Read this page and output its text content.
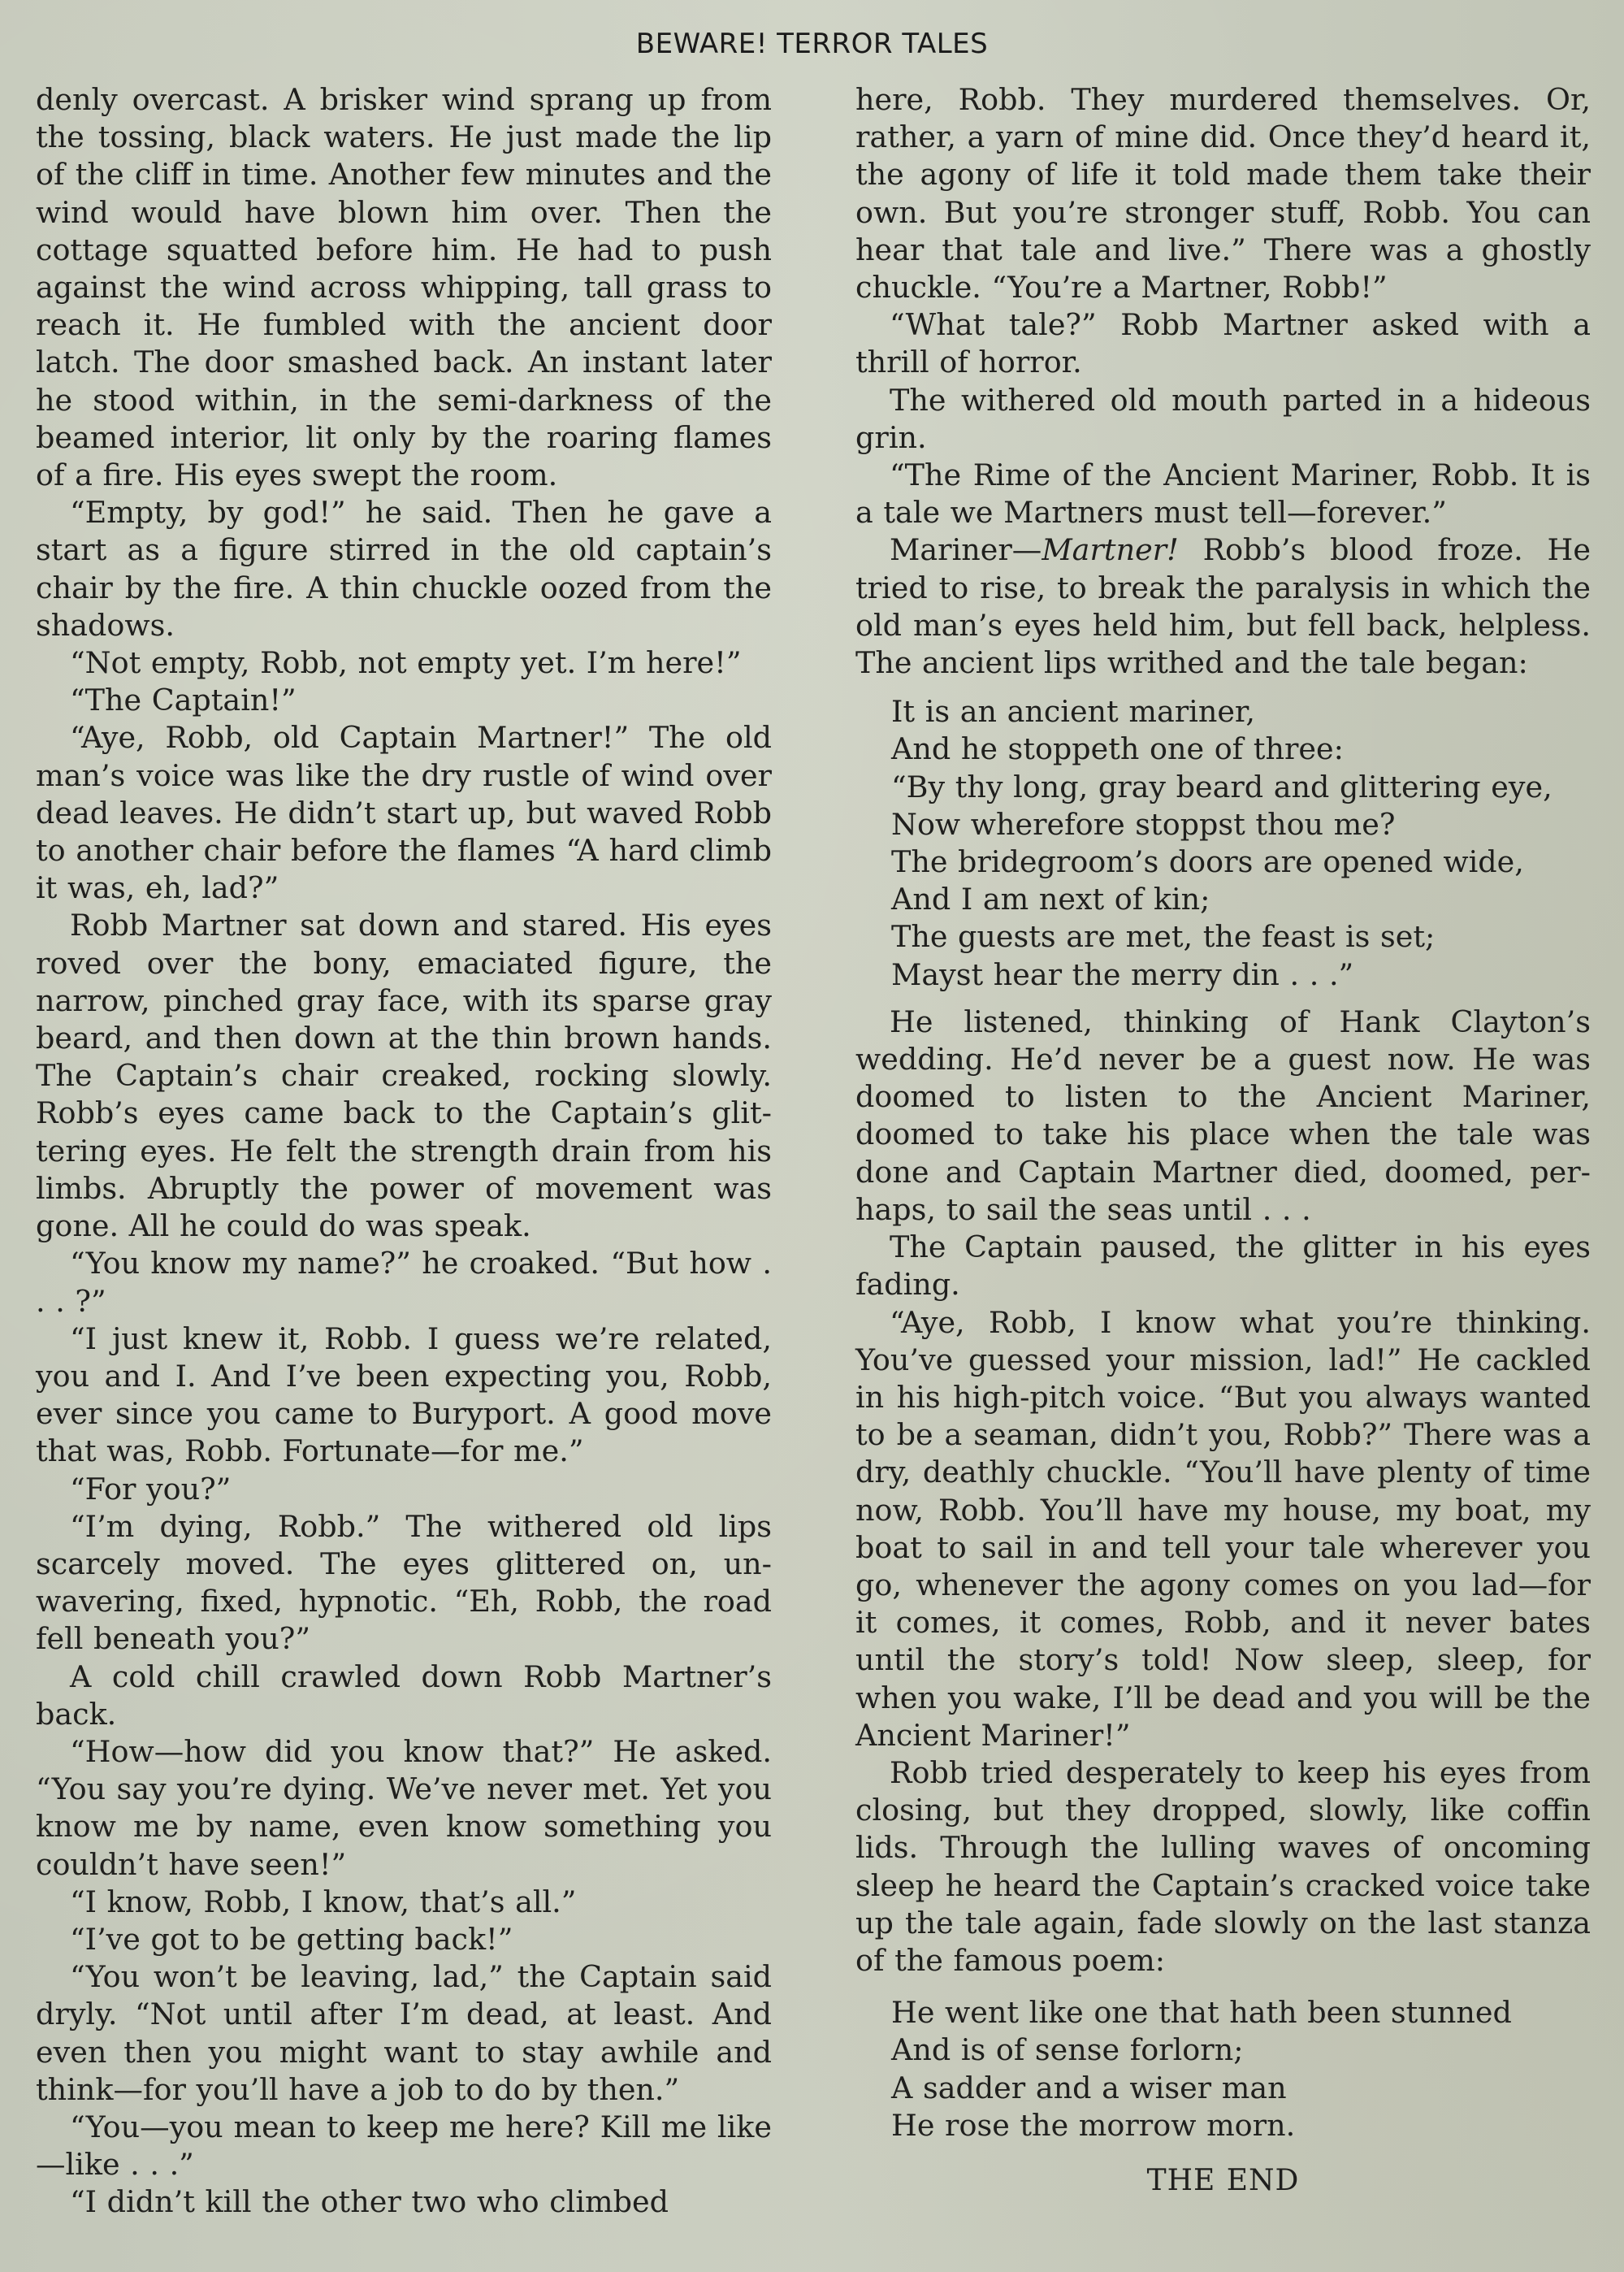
BEWARE! TERROR TALES

denly overcast. A brisker wind sprang up from the tossing, black waters. He just made the lip of the cliff in time. Another few minutes and the wind would have blown him over. Then the cottage squatted before him. He had to push against the wind across whipping, tall grass to reach it. He fumbled with the ancient door latch. The door smashed back. An instant later he stood within, in the semi-darkness of the beamed interior, lit only by the roaring flames of a fire. His eyes swept the room.

“Empty, by god!” he said. Then he gave a start as a figure stirred in the old captain’s chair by the fire. A thin chuckle oozed from the shadows.

“Not empty, Robb, not empty yet. I’m here!”

“The Captain!”

“Aye, Robb, old Captain Martner!” The old man’s voice was like the dry rustle of wind over dead leaves. He didn’t start up, but waved Robb to another chair before the flames “A hard climb it was, eh, lad?”

Robb Martner sat down and stared. His eyes roved over the bony, emaciated figure, the narrow, pinched gray face, with its sparse gray beard, and then down at the thin brown hands. The Captain’s chair creaked, rocking slowly. Robb’s eyes came back to the Captain’s glittering eyes. He felt the strength drain from his limbs. Abruptly the power of movement was gone. All he could do was speak.

“You know my name?” he croaked. “But how . . . ?”

“I just knew it, Robb. I guess we’re related, you and I. And I’ve been expecting you, Robb, ever since you came to Buryport. A good move that was, Robb. Fortunate—for me.”

“For you?”

“I’m dying, Robb.” The withered old lips scarcely moved. The eyes glittered on, unwavering, fixed, hypnotic. “Eh, Robb, the road fell beneath you?”

A cold chill crawled down Robb Martner’s back.

“How—how did you know that?” He asked. “You say you’re dying. We’ve never met. Yet you know me by name, even know something you couldn’t have seen!”

“I know, Robb, I know, that’s all.”

“I’ve got to be getting back!”

“You won’t be leaving, lad,” the Captain said dryly. “Not until after I’m dead, at least. And even then you might want to stay awhile and think—for you’ll have a job to do by then.”

“You—you mean to keep me here? Kill me like—like . . .”

“I didn’t kill the other two who climbed

here, Robb. They murdered themselves. Or, rather, a yarn of mine did. Once they’d heard it, the agony of life it told made them take their own. But you’re stronger stuff, Robb. You can hear that tale and live.” There was a ghostly chuckle. “You’re a Martner, Robb!”

“What tale?” Robb Martner asked with a thrill of horror.

The withered old mouth parted in a hideous grin.

“The Rime of the Ancient Mariner, Robb. It is a tale we Martners must tell—forever.”

Mariner—Martner! Robb’s blood froze. He tried to rise, to break the paralysis in which the old man’s eyes held him, but fell back, helpless. The ancient lips writhed and the tale began:

It is an ancient mariner,
And he stoppeth one of three:
“By thy long, gray beard and glittering eye,
Now wherefore stoppst thou me?
The bridegroom’s doors are opened wide,
And I am next of kin;
The guests are met, the feast is set;
Mayst hear the merry din . . .”

He listened, thinking of Hank Clayton’s wedding. He’d never be a guest now. He was doomed to listen to the Ancient Mariner, doomed to take his place when the tale was done and Captain Martner died, doomed, perhaps, to sail the seas until . . .

The Captain paused, the glitter in his eyes fading.

“Aye, Robb, I know what you’re thinking. You’ve guessed your mission, lad!” He cackled in his high-pitch voice. “But you always wanted to be a seaman, didn’t you, Robb?” There was a dry, deathly chuckle. “You’ll have plenty of time now, Robb. You’ll have my house, my boat, my boat to sail in and tell your tale wherever you go, whenever the agony comes on you lad—for it comes, it comes, Robb, and it never bates until the story’s told! Now sleep, sleep, for when you wake, I’ll be dead and you will be the Ancient Mariner!”

Robb tried desperately to keep his eyes from closing, but they dropped, slowly, like coffin lids. Through the lulling waves of oncoming sleep he heard the Captain’s cracked voice take up the tale again, fade slowly on the last stanza of the famous poem:

He went like one that hath been stunned
And is of sense forlorn;
A sadder and a wiser man
He rose the morrow morn.
THE END
